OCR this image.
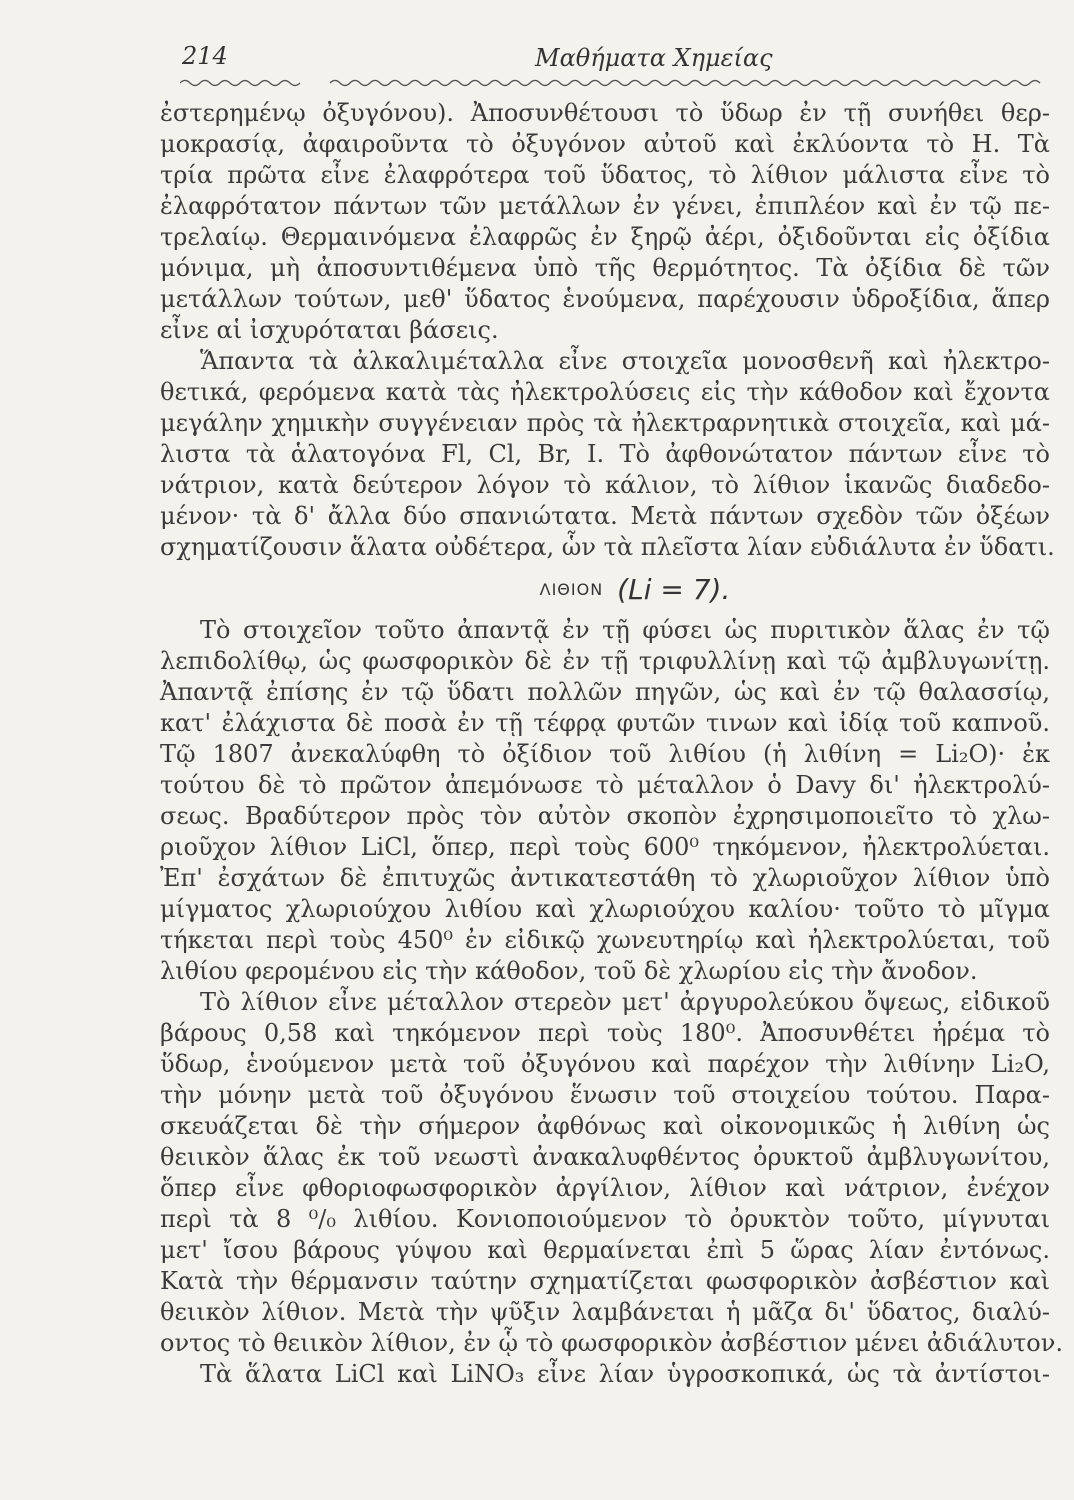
214	Μαθήματα Χημείας
ἐστερημένῳ ὀξυγόνου). Ἀποσυνθέτουσι τὸ ὕδωρ ἐν τῇ συνήθει θερ-
μοκρασίᾳ, ἀφαιροῦντα τὸ ὀξυγόνον αὐτοῦ καὶ ἐκλύοντα τὸ Η. Τὰ
τρία πρῶτα εἶνε ἐλαφρότερα τοῦ ὕδατος, τὸ λίθιον μάλιστα εἶνε τὸ
ἐλαφρότατον πάντων τῶν μετάλλων ἐν γένει, ἐπιπλέον καὶ ἐν τῷ πε-
τρελαίῳ. Θερμαινόμενα ἐλαφρῶς ἐν ξηρῷ ἀέρι, ὀξιδοῦνται εἰς ὀξίδια
μόνιμα, μὴ ἀποσυντιθέμενα ὑπὸ τῆς θερμότητος. Τὰ ὀξίδια δὲ τῶν
μετάλλων τούτων, μεθ' ὕδατος ἑνούμενα, παρέχουσιν ὑδροξίδια, ἅπερ
εἶνε αἱ ἰσχυρόταται βάσεις.
Ἅπαντα τὰ ἀλκαλιμέταλλα εἶνε στοιχεῖα μονοσθενῆ καὶ ἠλεκτρο-
θετικά, φερόμενα κατὰ τὰς ἠλεκτρολύσεις εἰς τὴν κάθοδον καὶ ἔχοντα
μεγάλην χημικὴν συγγένειαν πρὸς τὰ ἠλεκτραρνητικὰ στοιχεῖα, καὶ μά-
λιστα τὰ ἁλατογόνα Fl, Cl, Br, I. Τὸ ἀφθονώτατον πάντων εἶνε τὸ
νάτριον, κατὰ δεύτερον λόγον τὸ κάλιον, τὸ λίθιον ἱκανῶς διαδεδο-
μένον· τὰ δ' ἄλλα δύο σπανιώτατα. Μετὰ πάντων σχεδὸν τῶν ὀξέων
σχηματίζουσιν ἅλατα οὐδέτερα, ὧν τὰ πλεῖστα λίαν εὐδιάλυτα ἐν ὕδατι.
ΛΙΘΙΟΝ (Li = 7).
Τὸ στοιχεῖον τοῦτο ἀπαντᾷ ἐν τῇ φύσει ὡς πυριτικὸν ἅλας ἐν τῷ
λεπιδολίθῳ, ὡς φωσφορικὸν δὲ ἐν τῇ τριφυλλίνῃ καὶ τῷ ἀμβλυγωνίτῃ.
Ἀπαντᾷ ἐπίσης ἐν τῷ ὕδατι πολλῶν πηγῶν, ὡς καὶ ἐν τῷ θαλασσίῳ,
κατ' ἐλάχιστα δὲ ποσὰ ἐν τῇ τέφρᾳ φυτῶν τινων καὶ ἰδίᾳ τοῦ καπνοῦ.
Τῷ 1807 ἀνεκαλύφθη τὸ ὀξίδιον τοῦ λιθίου (ἡ λιθίνη = Li₂O)· ἐκ
τούτου δὲ τὸ πρῶτον ἀπεμόνωσε τὸ μέταλλον ὁ Davy δι' ἠλεκτρολύ-
σεως. Βραδύτερον πρὸς τὸν αὐτὸν σκοπὸν ἐχρησιμοποιεῖτο τὸ χλω-
ριοῦχον λίθιον LiCl, ὅπερ, περὶ τοὺς 600⁰ τηκόμενον, ἠλεκτρολύεται.
Ἐπ' ἐσχάτων δὲ ἐπιτυχῶς ἀντικατεστάθη τὸ χλωριοῦχον λίθιον ὑπὸ
μίγματος χλωριούχου λιθίου καὶ χλωριούχου καλίου· τοῦτο τὸ μῖγμα
τήκεται περὶ τοὺς 450⁰ ἐν εἰδικῷ χωνευτηρίῳ καὶ ἠλεκτρολύεται, τοῦ
λιθίου φερομένου εἰς τὴν κάθοδον, τοῦ δὲ χλωρίου εἰς τὴν ἄνοδον.
Τὸ λίθιον εἶνε μέταλλον στερεὸν μετ' ἀργυρολεύκου ὄψεως, εἰδικοῦ
βάρους 0,58 καὶ τηκόμενον περὶ τοὺς 180⁰. Ἀποσυνθέτει ἠρέμα τὸ
ὕδωρ, ἑνούμενον μετὰ τοῦ ὀξυγόνου καὶ παρέχον τὴν λιθίνην Li₂O,
τὴν μόνην μετὰ τοῦ ὀξυγόνου ἕνωσιν τοῦ στοιχείου τούτου. Παρα-
σκευάζεται δὲ τὴν σήμερον ἀφθόνως καὶ οἰκονομικῶς ἡ λιθίνη ὡς
θειικὸν ἅλας ἐκ τοῦ νεωστὶ ἀνακαλυφθέντος ὀρυκτοῦ ἀμβλυγωνίτου,
ὅπερ εἶνε φθοριοφωσφορικὸν ἀργίλιον, λίθιον καὶ νάτριον, ἐνέχον
περὶ τὰ 8 ⁰/₀ λιθίου. Κονιοποιούμενον τὸ ὀρυκτὸν τοῦτο, μίγνυται
μετ' ἴσου βάρους γύψου καὶ θερμαίνεται ἐπὶ 5 ὥρας λίαν ἐντόνως.
Κατὰ τὴν θέρμανσιν ταύτην σχηματίζεται φωσφορικὸν ἀσβέστιον καὶ
θειικὸν λίθιον. Μετὰ τὴν ψῦξιν λαμβάνεται ἡ μᾶζα δι' ὕδατος, διαλύ-
οντος τὸ θειικὸν λίθιον, ἐν ᾧ τὸ φωσφορικὸν ἀσβέστιον μένει ἀδιάλυτον.
Τὰ ἅλατα LiCl καὶ LiNO₃ εἶνε λίαν ὑγροσκοπικά, ὡς τὰ ἀντίστοι-
